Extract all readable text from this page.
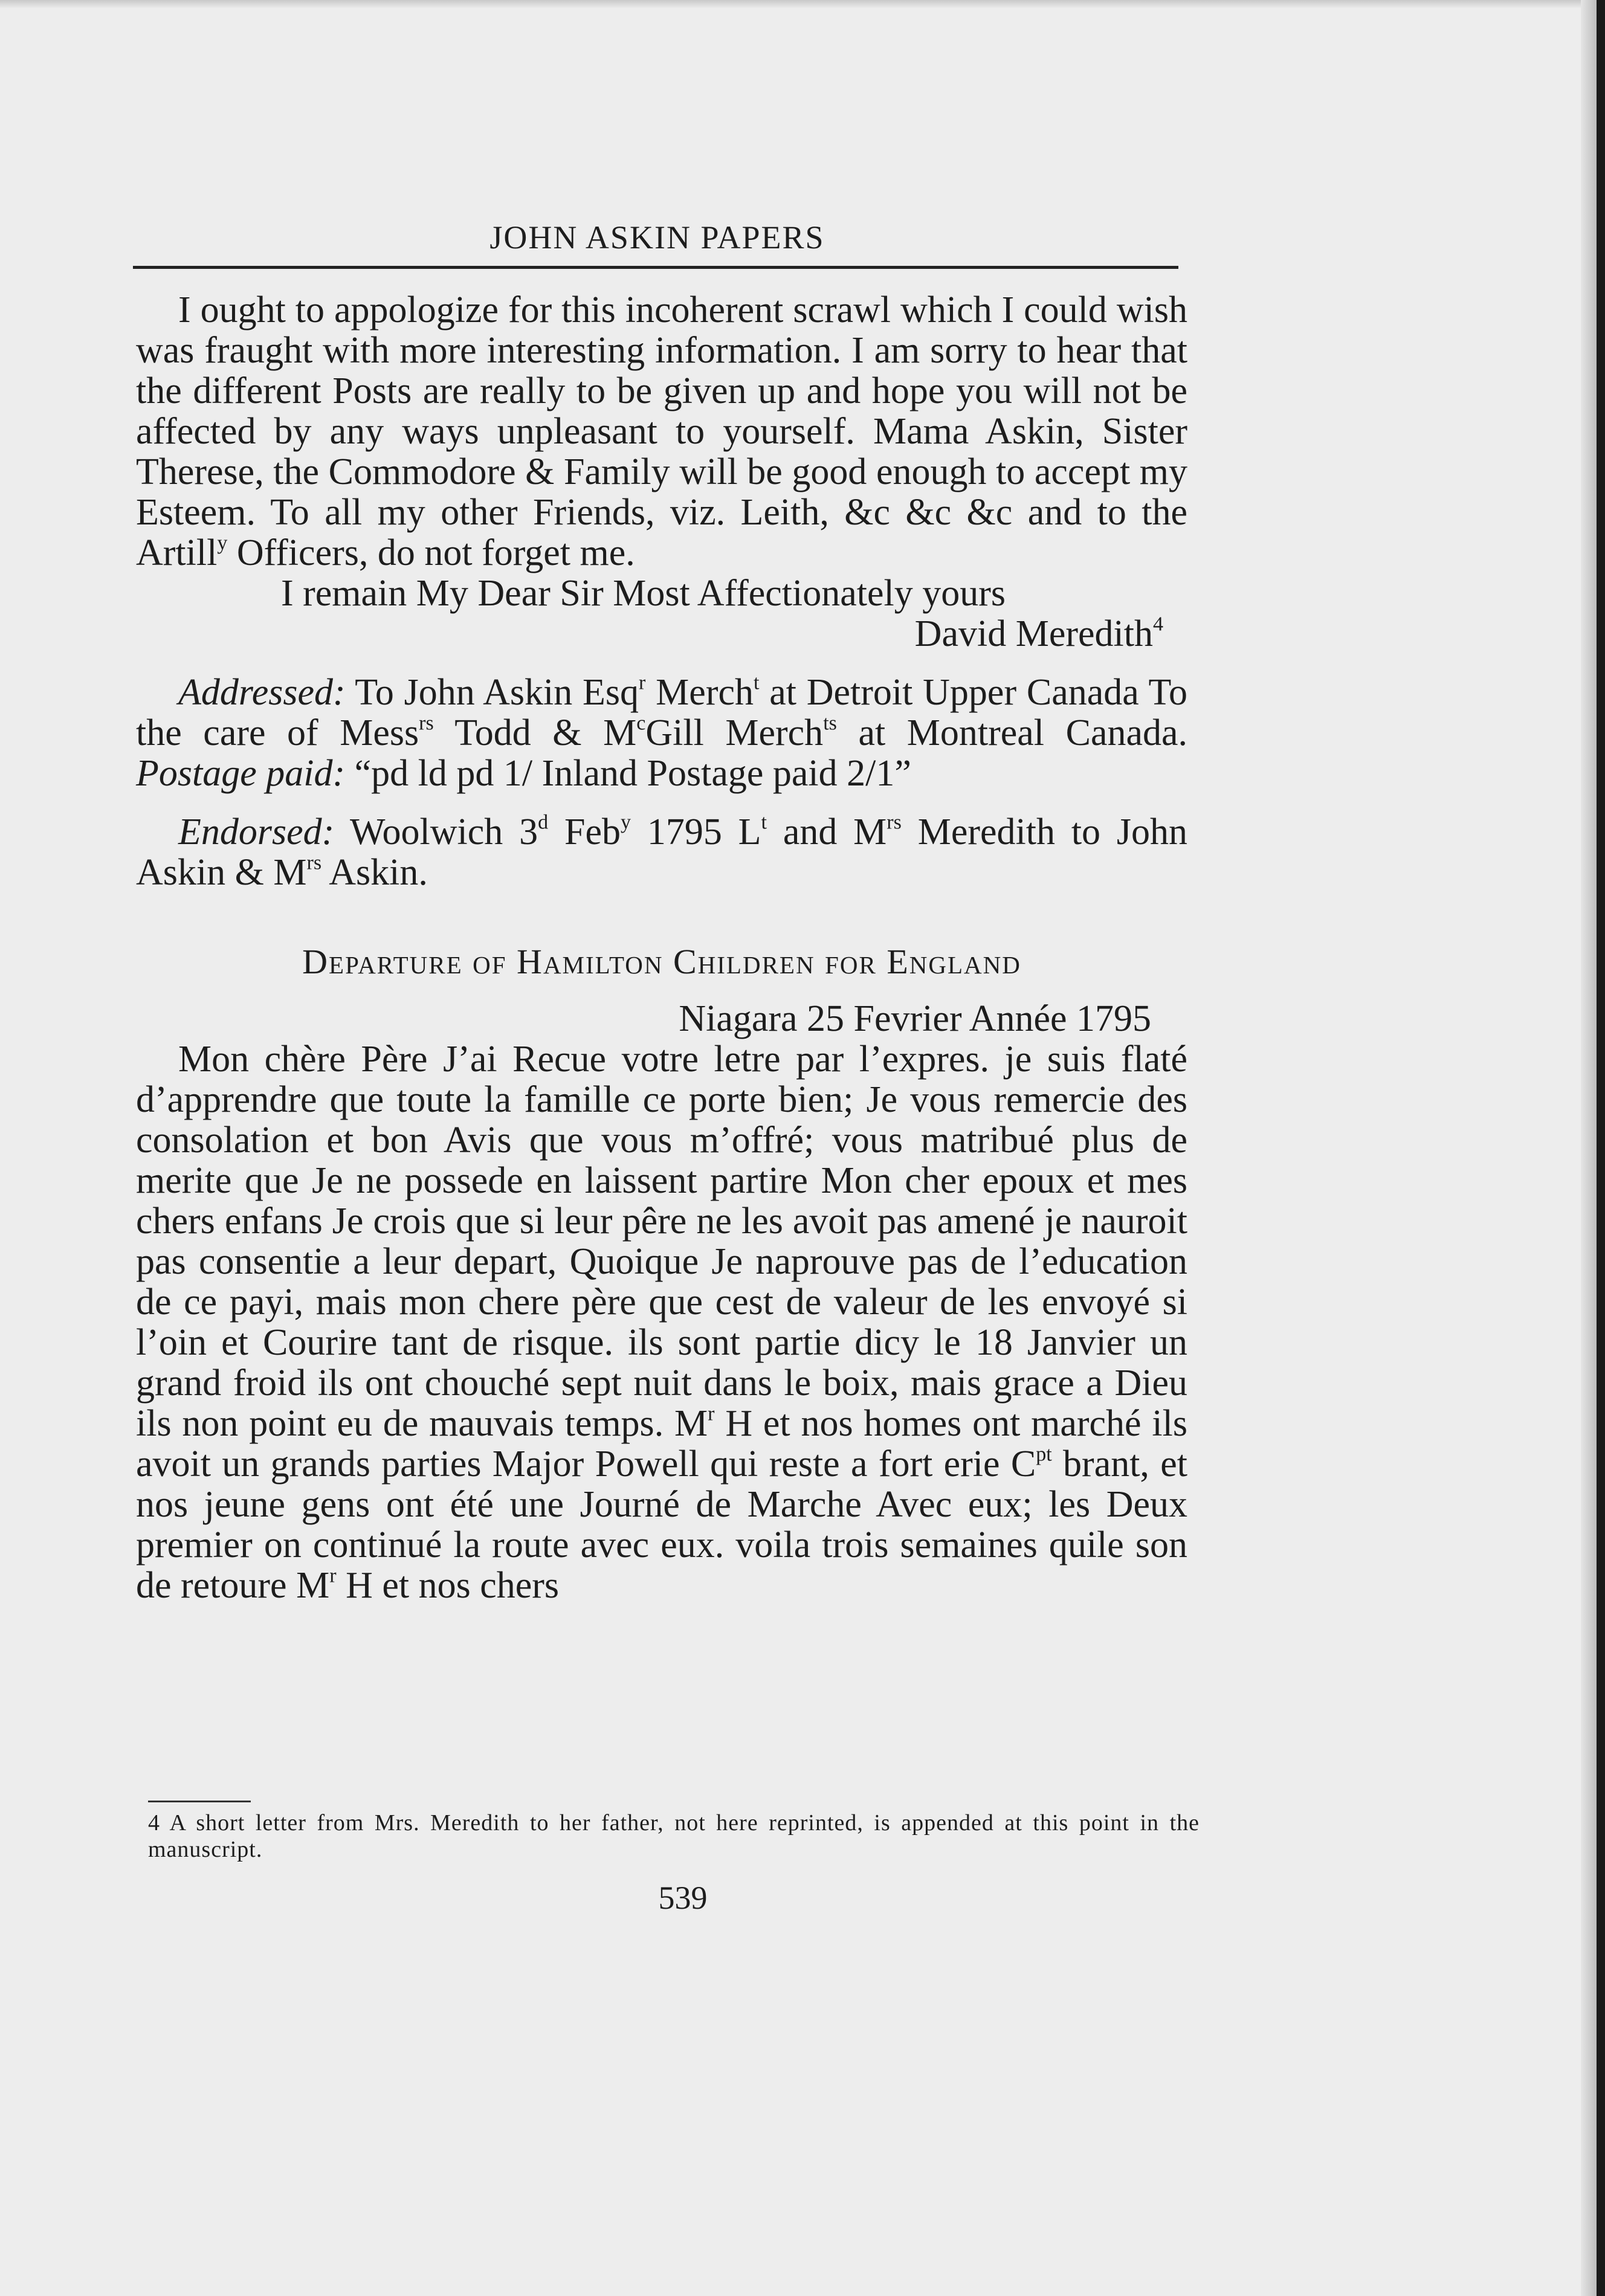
JOHN ASKIN PAPERS

I ought to appologize for this incoherent scrawl which I could wish was fraught with more interesting information. I am sorry to hear that the different Posts are really to be given up and hope you will not be affected by any ways unpleasant to yourself. Mama Askin, Sister Therese, the Commodore & Family will be good enough to accept my Esteem. To all my other Friends, viz. Leith, &c &c &c and to the Artill$^y$ Officers, do not forget me.

I remain My Dear Sir Most Affectionately yours

David Meredith$^4$

Addressed: To John Askin Esq$^r$ Merch$^t$ at Detroit Upper Canada To the care of Mess$^{rs}$ Todd & $M^cGill$ Merch$^{ts}$ at Montreal Canada. Postage paid: “pd ld pd 1/ Inland Postage paid 2/1”

Endorsed: Woolwich 3$^d$ Feb$^y$ 1795 $L^t$ and $M^{rs}$ Meredith to John Askin & $M^{rs}$ Askin.

Departure of Hamilton Children for England

Niagara 25 Fevrier Année 1795

Mon chère Père J’ai Recue votre letre par l’expres. je suis flaté d’apprendre que toute la famille ce porte bien; Je vous remercie des consolation et bon Avis que vous m’offré; vous matribué plus de merite que Je ne possede en laissent partire Mon cher epoux et mes chers enfans Je crois que si leur pêre ne les avoit pas amené je nauroit pas consentie a leur depart, Quoique Je naprouve pas de l’education de ce payi, mais mon chere père que cest de valeur de les envoyé si l’oin et Courire tant de risque. ils sont partie dicy le 18 Janvier un grand froid ils ont chouché sept nuit dans le boix, mais grace a Dieu ils non point eu de mauvais temps. $M^r$ H et nos homes ont marché ils avoit un grands parties Major Powell qui reste a fort erie $C^{pt}$ brant, et nos jeune gens ont été une Journé de Marche Avec eux; les Deux premier on continué la route avec eux. voila trois semaines quile son de retoure $M^r$ H et nos chers

4 A short letter from Mrs. Meredith to her father, not here reprinted, is appended at this point in the manuscript.
539
